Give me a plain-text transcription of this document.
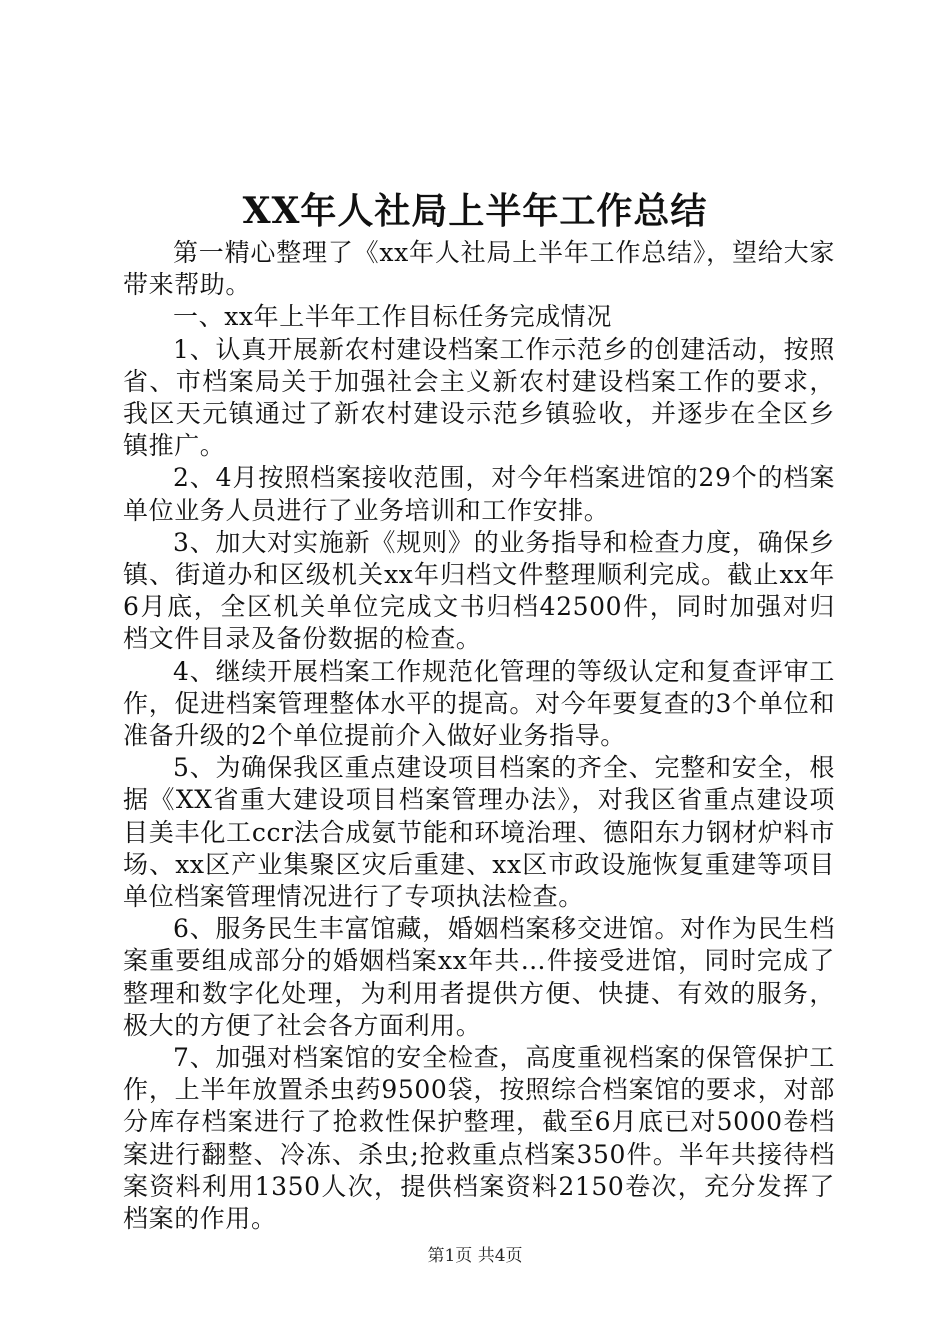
XX年人社局上半年工作总结

第一精心整理了《xx年人社局上半年工作总结》，望给大家带来帮助。

一、xx年上半年工作目标任务完成情况

1、认真开展新农村建设档案工作示范乡的创建活动，按照省、市档案局关于加强社会主义新农村建设档案工作的要求，我区天元镇通过了新农村建设示范乡镇验收，并逐步在全区乡镇推广。

2、4月按照档案接收范围，对今年档案进馆的29个的档案单位业务人员进行了业务培训和工作安排。

3、加大对实施新《规则》的业务指导和检查力度，确保乡镇、街道办和区级机关xx年归档文件整理顺利完成。截止xx年6月底，全区机关单位完成文书归档42500件，同时加强对归档文件目录及备份数据的检查。

4、继续开展档案工作规范化管理的等级认定和复查评审工作，促进档案管理整体水平的提高。对今年要复查的3个单位和准备升级的2个单位提前介入做好业务指导。

5、为确保我区重点建设项目档案的齐全、完整和安全，根据《XX省重大建设项目档案管理办法》，对我区省重点建设项目美丰化工ccr法合成氨节能和环境治理、德阳东力钢材炉料市场、xx区产业集聚区灾后重建、xx区市政设施恢复重建等项目单位档案管理情况进行了专项执法检查。

6、服务民生丰富馆藏，婚姻档案移交进馆。对作为民生档案重要组成部分的婚姻档案xx年共…件接受进馆，同时完成了整理和数字化处理，为利用者提供方便、快捷、有效的服务，极大的方便了社会各方面利用。

7、加强对档案馆的安全检查，高度重视档案的保管保护工作，上半年放置杀虫药9500袋，按照综合档案馆的要求，对部分库存档案进行了抢救性保护整理，截至6月底已对5000卷档案进行翻整、冷冻、杀虫;抢救重点档案350件。半年共接待档案资料利用1350人次，提供档案资料2150卷次，充分发挥了档案的作用。

第1页 共4页
